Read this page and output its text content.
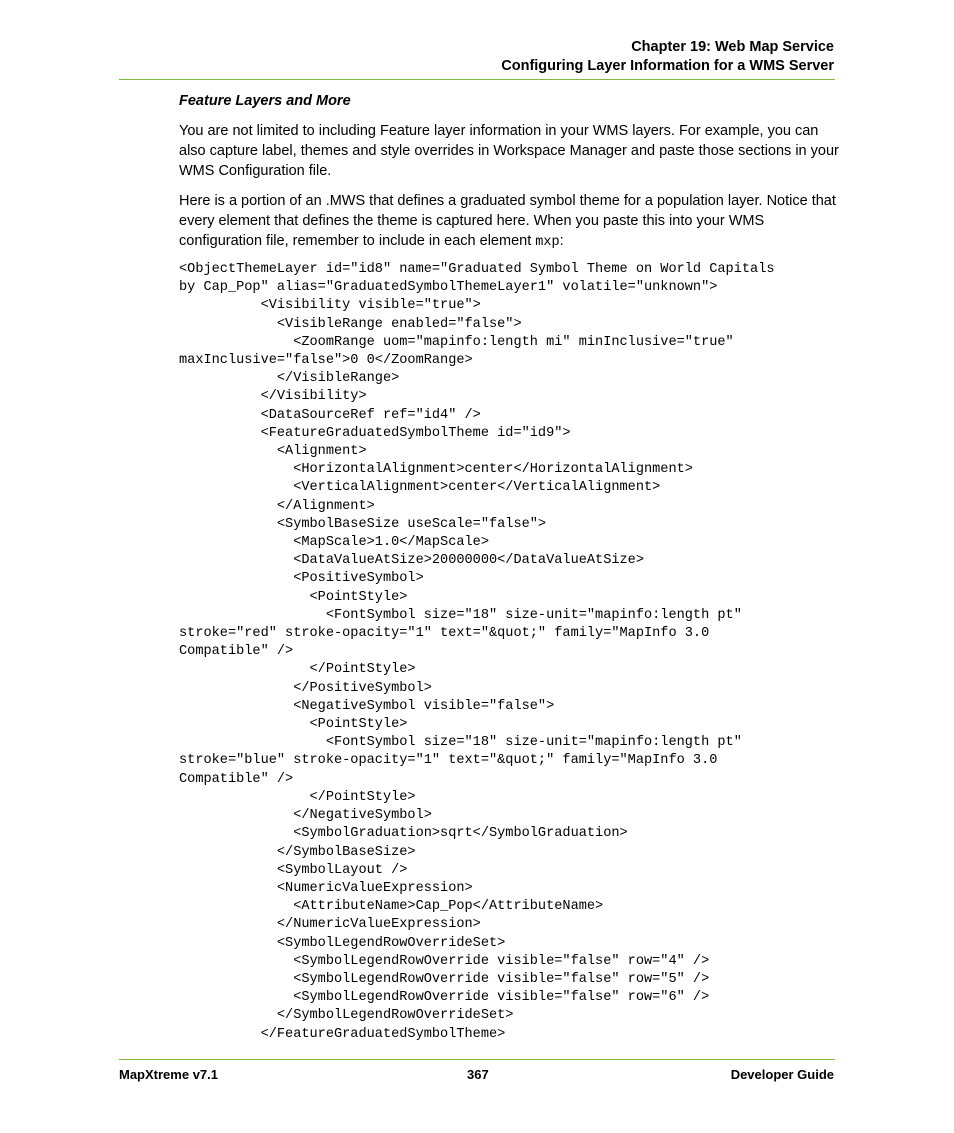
Chapter 19: Web Map Service
Configuring Layer Information for a WMS Server
Feature Layers and More
You are not limited to including Feature layer information in your WMS layers. For example, you can also capture label, themes and style overrides in Workspace Manager and paste those sections in your WMS Configuration file.
Here is a portion of an .MWS that defines a graduated symbol theme for a population layer. Notice that every element that defines the theme is captured here. When you paste this into your WMS configuration file, remember to include in each element mxp:
<ObjectThemeLayer id="id8" name="Graduated Symbol Theme on World Capitals
by Cap_Pop" alias="GraduatedSymbolThemeLayer1" volatile="unknown">
<Visibility visible="true">
<VisibleRange enabled="false">
<ZoomRange uom="mapinfo:length mi" minInclusive="true"
maxInclusive="false">0 0</ZoomRange>
</VisibleRange>
</Visibility>
<DataSourceRef ref="id4" />
<FeatureGraduatedSymbolTheme id="id9">
<Alignment>
<HorizontalAlignment>center</HorizontalAlignment>
<VerticalAlignment>center</VerticalAlignment>
</Alignment>
<SymbolBaseSize useScale="false">
<MapScale>1.0</MapScale>
<DataValueAtSize>20000000</DataValueAtSize>
<PositiveSymbol>
<PointStyle>
<FontSymbol size="18" size-unit="mapinfo:length pt"
stroke="red" stroke-opacity="1" text="&quot;" family="MapInfo 3.0
Compatible" />
</PointStyle>
</PositiveSymbol>
<NegativeSymbol visible="false">
<PointStyle>
<FontSymbol size="18" size-unit="mapinfo:length pt"
stroke="blue" stroke-opacity="1" text="&quot;" family="MapInfo 3.0
Compatible" />
</PointStyle>
</NegativeSymbol>
<SymbolGraduation>sqrt</SymbolGraduation>
</SymbolBaseSize>
<SymbolLayout />
<NumericValueExpression>
<AttributeName>Cap_Pop</AttributeName>
</NumericValueExpression>
<SymbolLegendRowOverrideSet>
<SymbolLegendRowOverride visible="false" row="4" />
<SymbolLegendRowOverride visible="false" row="5" />
<SymbolLegendRowOverride visible="false" row="6" />
</SymbolLegendRowOverrideSet>
</FeatureGraduatedSymbolTheme>
MapXtreme v7.1	367	Developer Guide
